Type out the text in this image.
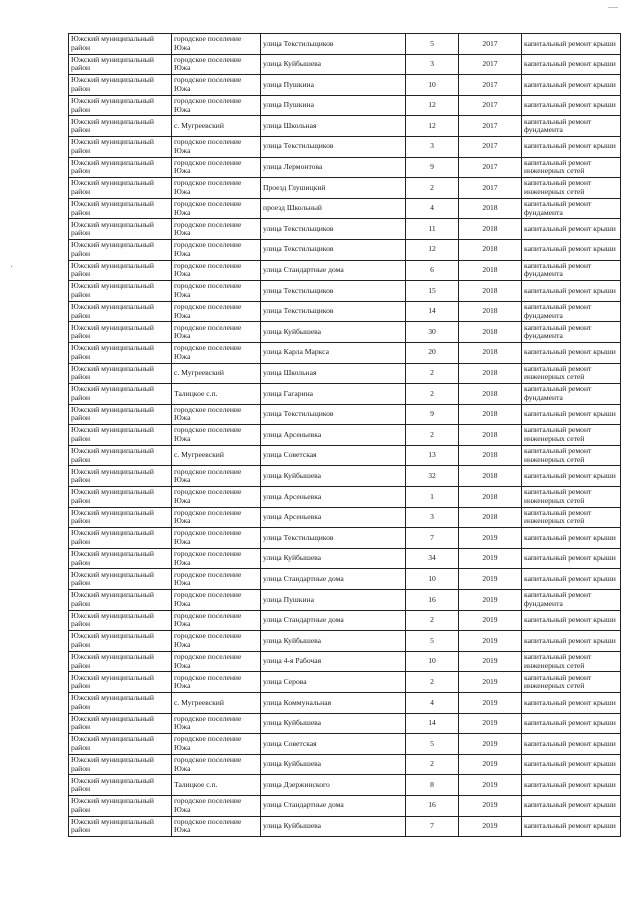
—
·
Южский муниципальный район	городское поселение Южа	улица Текстильщиков	5	2017	капитальный ремонт крыши
Южский муниципальный район	городское поселение Южа	улица Куйбышева	3	2017	капитальный ремонт крыши
Южский муниципальный район	городское поселение Южа	улица Пушкина	10	2017	капитальный ремонт крыши
Южский муниципальный район	городское поселение Южа	улица Пушкина	12	2017	капитальный ремонт крыши
Южский муниципальный район	с. Мугреевский	улица Школьная	12	2017	капитальный ремонт фундамента
Южский муниципальный район	городское поселение Южа	улица Текстильщиков	3	2017	капитальный ремонт крыши
Южский муниципальный район	городское поселение Южа	улица Лермонтова	9	2017	капитальный ремонт инженерных сетей
Южский муниципальный район	городское поселение Южа	Проезд Глушицкий	2	2017	капитальный ремонт инженерных сетей
Южский муниципальный район	городское поселение Южа	проезд Школьный	4	2018	капитальный ремонт фундамента
Южский муниципальный район	городское поселение Южа	улица Текстильщиков	11	2018	капитальный ремонт крыши
Южский муниципальный район	городское поселение Южа	улица Текстильщиков	12	2018	капитальный ремонт крыши
Южский муниципальный район	городское поселение Южа	улица Стандартные дома	6	2018	капитальный ремонт фундамента
Южский муниципальный район	городское поселение Южа	улица Текстильщиков	15	2018	капитальный ремонт крыши
Южский муниципальный район	городское поселение Южа	улица Текстильщиков	14	2018	капитальный ремонт фундамента
Южский муниципальный район	городское поселение Южа	улица Куйбышева	30	2018	капитальный ремонт фундамента
Южский муниципальный район	городское поселение Южа	улица Карла Маркса	20	2018	капитальный ремонт крыши
Южский муниципальный район	с. Мугреевский	улица Школьная	2	2018	капитальный ремонт инженерных сетей
Южский муниципальный район	Талицкое с.п.	улица Гагарина	2	2018	капитальный ремонт фундамента
Южский муниципальный район	городское поселение Южа	улица Текстильщиков	9	2018	капитальный ремонт крыши
Южский муниципальный район	городское поселение Южа	улица Арсеньевка	2	2018	капитальный ремонт инженерных сетей
Южский муниципальный район	с. Мугреевский	улица Советская	13	2018	капитальный ремонт инженерных сетей
Южский муниципальный район	городское поселение Южа	улица Куйбышева	32	2018	капитальный ремонт крыши
Южский муниципальный район	городское поселение Южа	улица Арсеньевка	1	2018	капитальный ремонт инженерных сетей
Южский муниципальный район	городское поселение Южа	улица Арсеньевка	3	2018	капитальный ремонт инженерных сетей
Южский муниципальный район	городское поселение Южа	улица Текстильщиков	7	2019	капитальный ремонт крыши
Южский муниципальный район	городское поселение Южа	улица Куйбышева	34	2019	капитальный ремонт крыши
Южский муниципальный район	городское поселение Южа	улица Стандартные дома	10	2019	капитальный ремонт крыши
Южский муниципальный район	городское поселение Южа	улица Пушкина	16	2019	капитальный ремонт фундамента
Южский муниципальный район	городское поселение Южа	улица Стандартные дома	2	2019	капитальный ремонт крыши
Южский муниципальный район	городское поселение Южа	улица Куйбышева	5	2019	капитальный ремонт крыши
Южский муниципальный район	городское поселение Южа	улица 4-я Рабочая	10	2019	капитальный ремонт инженерных сетей
Южский муниципальный район	городское поселение Южа	улица Серова	2	2019	капитальный ремонт инженерных сетей
Южский муниципальный район	с. Мугреевский	улица Коммунальная	4	2019	капитальный ремонт крыши
Южский муниципальный район	городское поселение Южа	улица Куйбышева	14	2019	капитальный ремонт крыши
Южский муниципальный район	городское поселение Южа	улица Советская	5	2019	капитальный ремонт крыши
Южский муниципальный район	городское поселение Южа	улица Куйбышева	2	2019	капитальный ремонт крыши
Южский муниципальный район	Талицкое с.п.	улица Дзержинского	8	2019	капитальный ремонт крыши
Южский муниципальный район	городское поселение Южа	улица Стандартные дома	16	2019	капитальный ремонт крыши
Южский муниципальный район	городское поселение Южа	улица Куйбышева	7	2019	капитальный ремонт крыши
